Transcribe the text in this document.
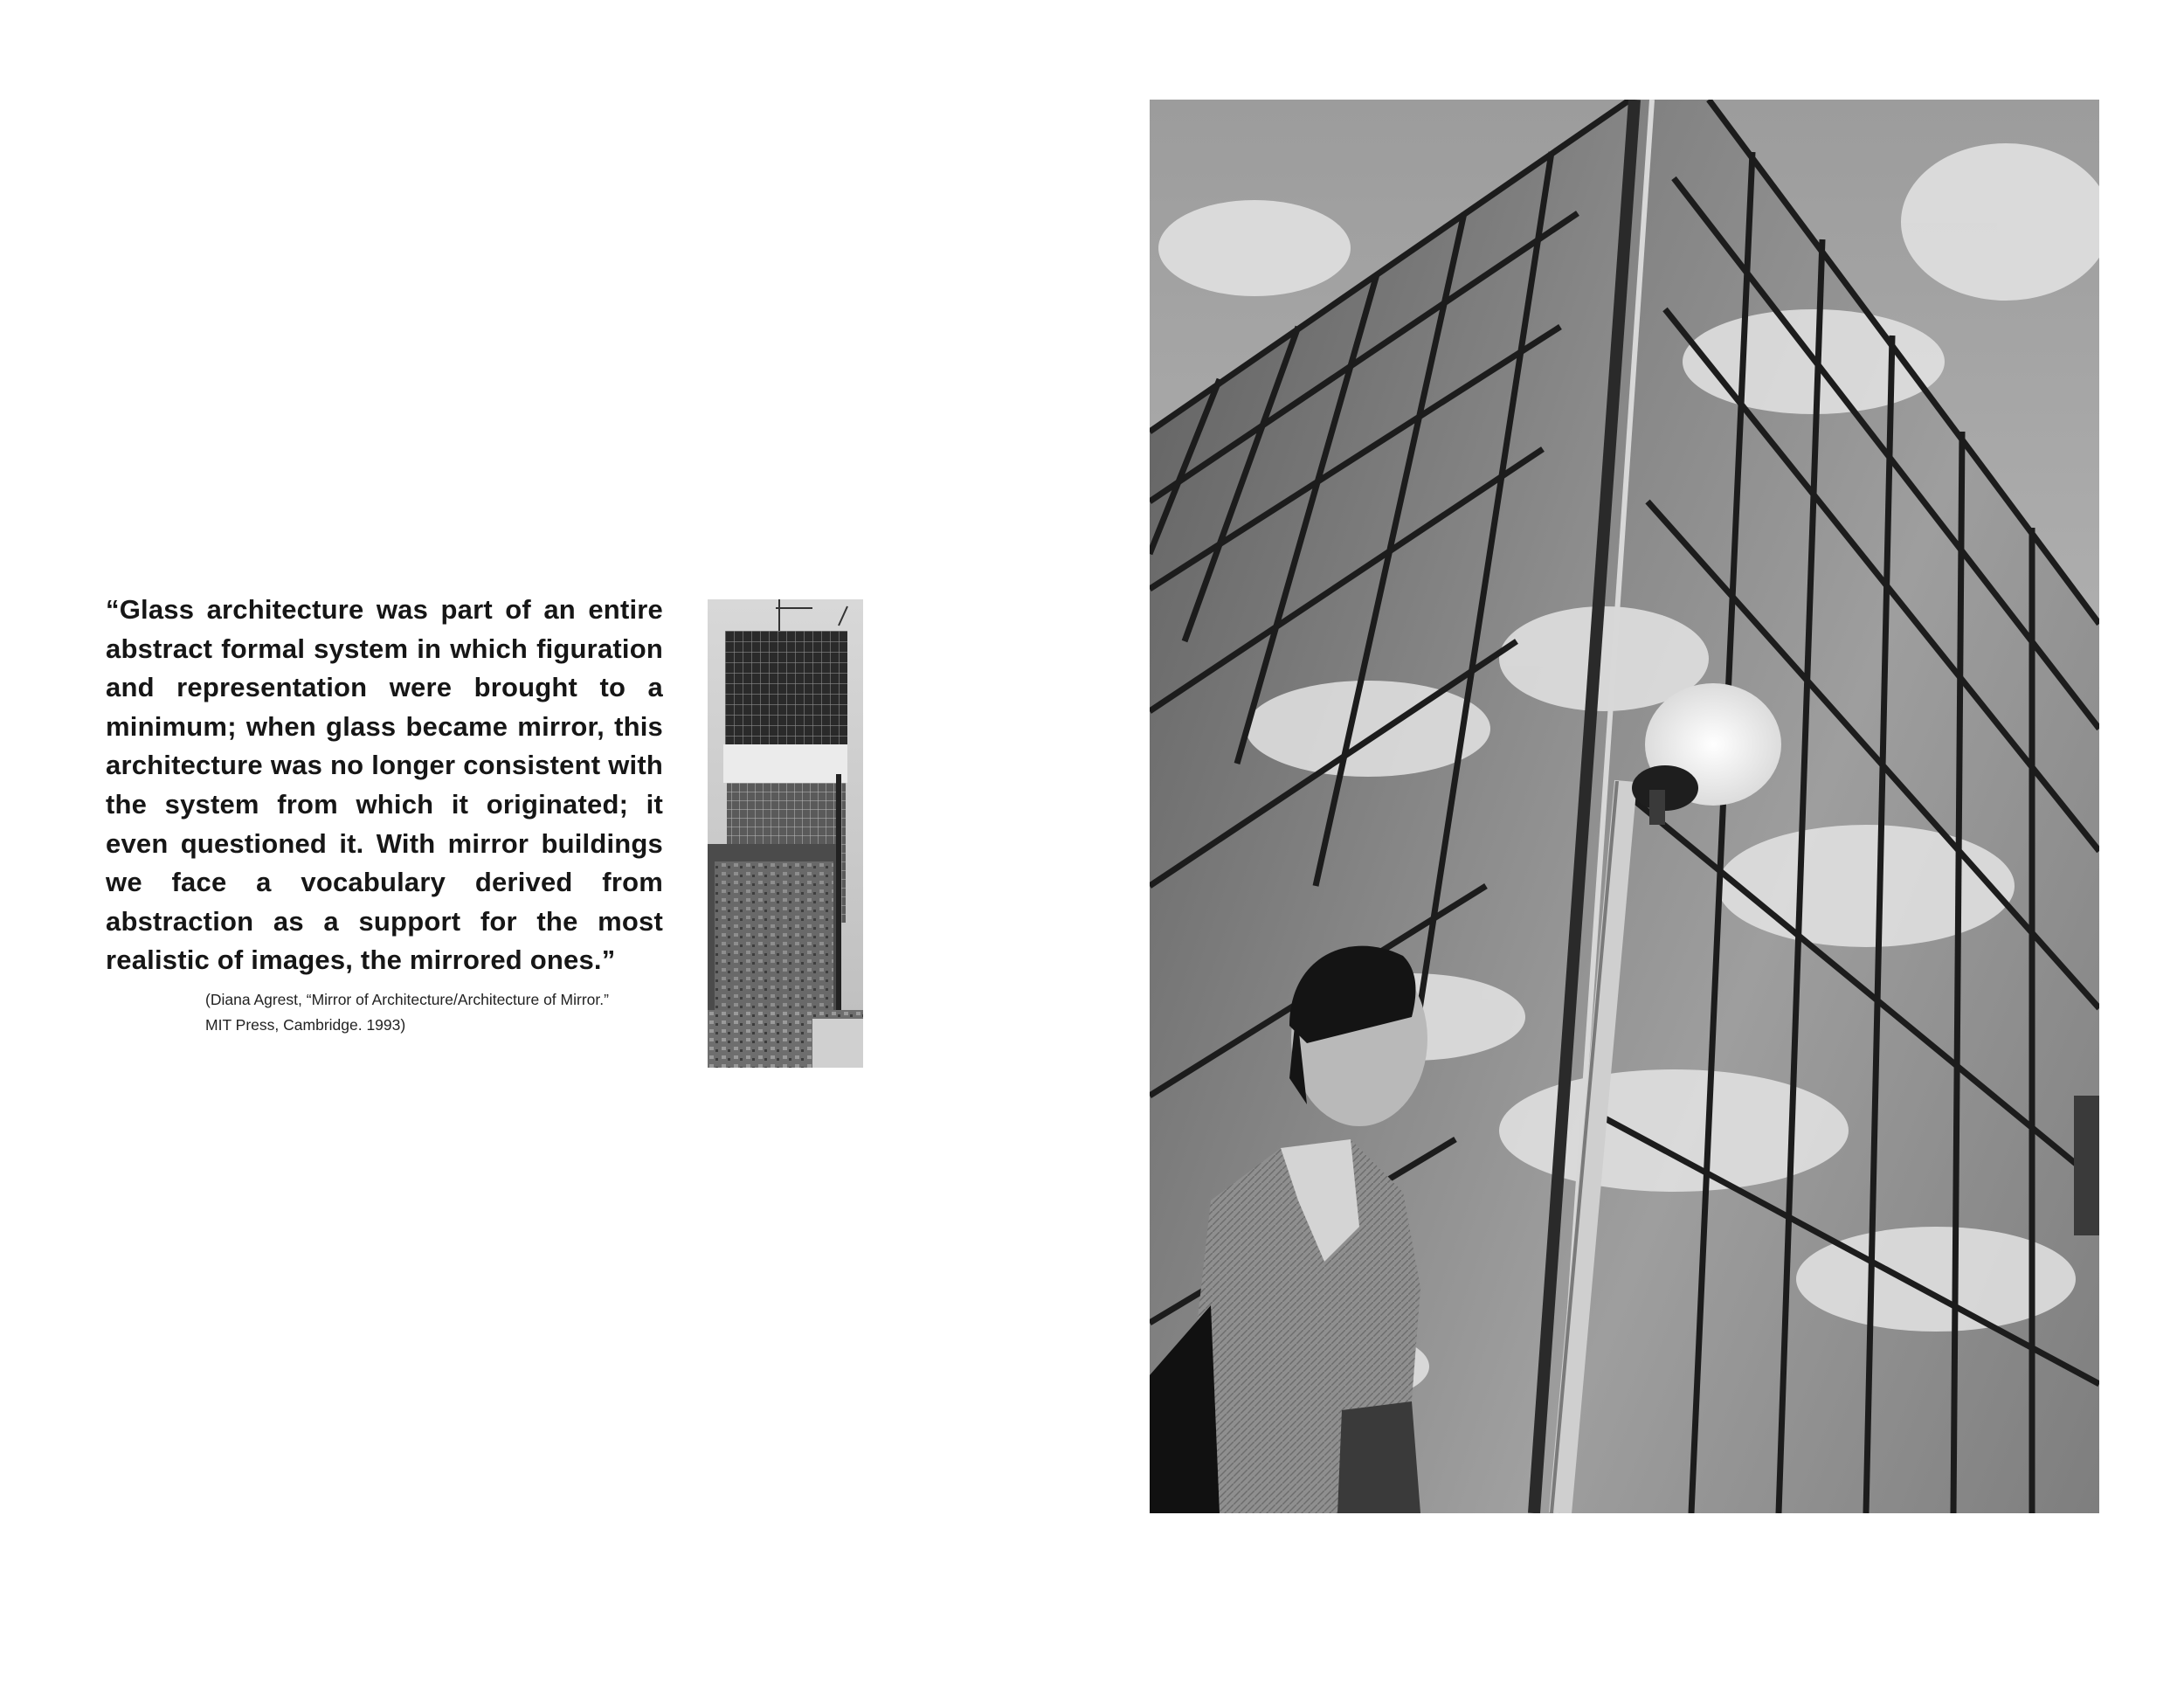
“Glass architecture was part of an entire abstract formal system in which figuration and representation were brought to a minimum; when glass became mirror, this architecture was no longer consistent with the system from which it originated; it even questioned it. With mirror buildings we face a vocabulary derived from abstraction as a support for the most realistic of images, the mirrored ones.”

(Diana Agrest, “Mirror of Architecture/Architecture of Mirror.”
MIT Press, Cambridge. 1993)
